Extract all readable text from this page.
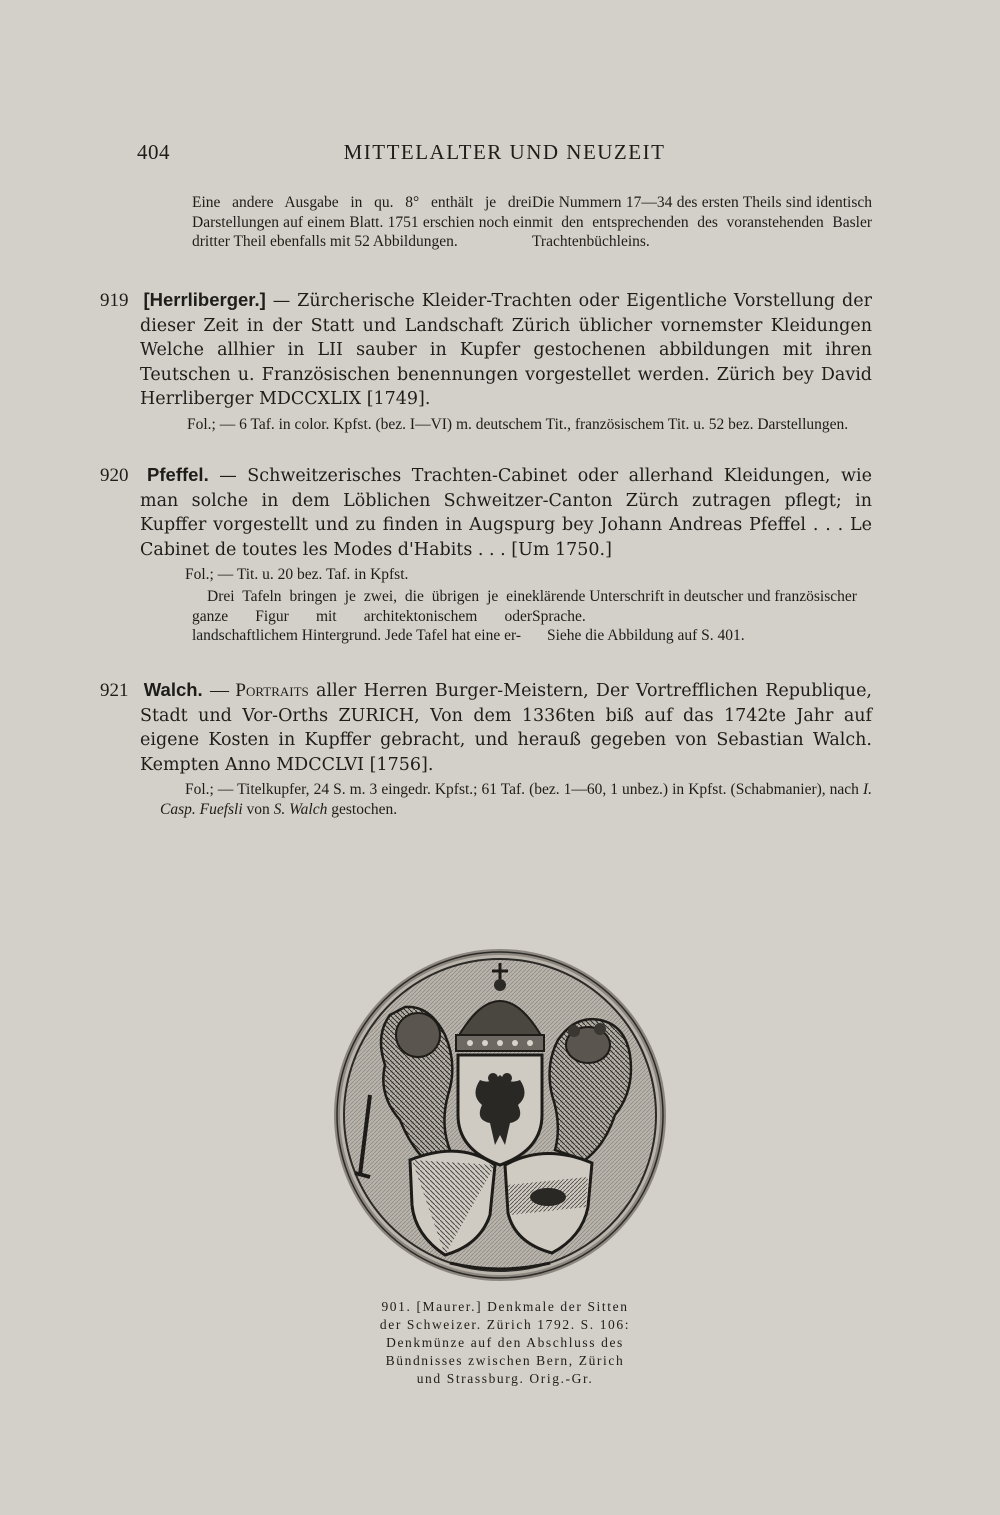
404	MITTELALTER UND NEUZEIT
Eine andere Ausgabe in qu. 8° enthält je drei Darstellungen auf einem Blatt. 1751 erschien noch ein dritter Theil ebenfalls mit 52 Abbildungen.
Die Nummern 17—34 des ersten Theils sind identisch mit den entsprechenden des voranstehenden Basler Trachtenbüchleins.
919 [Herrliberger.] — Zürcherische Kleider-Trachten oder Eigentliche Vorstellung der dieser Zeit in der Statt und Landschaft Zürich üblicher vornemster Kleidungen Welche allhier in LII sauber in Kupfer gestochenen abbildungen mit ihren Teutschen u. Französischen benennungen vorgestellet werden. Zürich bey David Herrliberger MDCCXLIX [1749].
Fol.; — 6 Taf. in color. Kpfst. (bez. I—VI) m. deutschem Tit., französischem Tit. u. 52 bez. Darstellungen.
920 Pfeffel. — Schweitzerisches Trachten-Cabinet oder allerhand Kleidungen, wie man solche in dem Löblichen Schweitzer-Canton Zürch zutragen pflegt; in Kupffer vorgestellt und zu finden in Augspurg bey Johann Andreas Pfeffel . . . Le Cabinet de toutes les Modes d'Habits . . . [Um 1750.]
Fol.; — Tit. u. 20 bez. Taf. in Kpfst.
Drei Tafeln bringen je zwei, die übrigen je eine ganze Figur mit architektonischem oder landschaftlichem Hintergrund. Jede Tafel hat eine er-
klärende Unterschrift in deutscher und französischer Sprache.
Siehe die Abbildung auf S. 401.
921 Walch. — Portraits aller Herren Burger-Meistern, Der Vortrefflichen Republique, Stadt und Vor-Orths ZURICH, Von dem 1336ten biß auf das 1742te Jahr auf eigene Kosten in Kupffer gebracht, und herauß gegeben von Sebastian Walch. Kempten Anno MDCCLVI [1756].
Fol.; — Titelkupfer, 24 S. m. 3 eingedr. Kpfst.; 61 Taf. (bez. 1—60, 1 unbez.) in Kpfst. (Schabmanier), nach I. Casp. Fuefsli von S. Walch gestochen.
901. [Maurer.] Denkmale der Sitten
der Schweizer. Zürich 1792. S. 106:
Denkmünze auf den Abschluss des
Bündnisses zwischen Bern, Zürich
und Strassburg. Orig.-Gr.
